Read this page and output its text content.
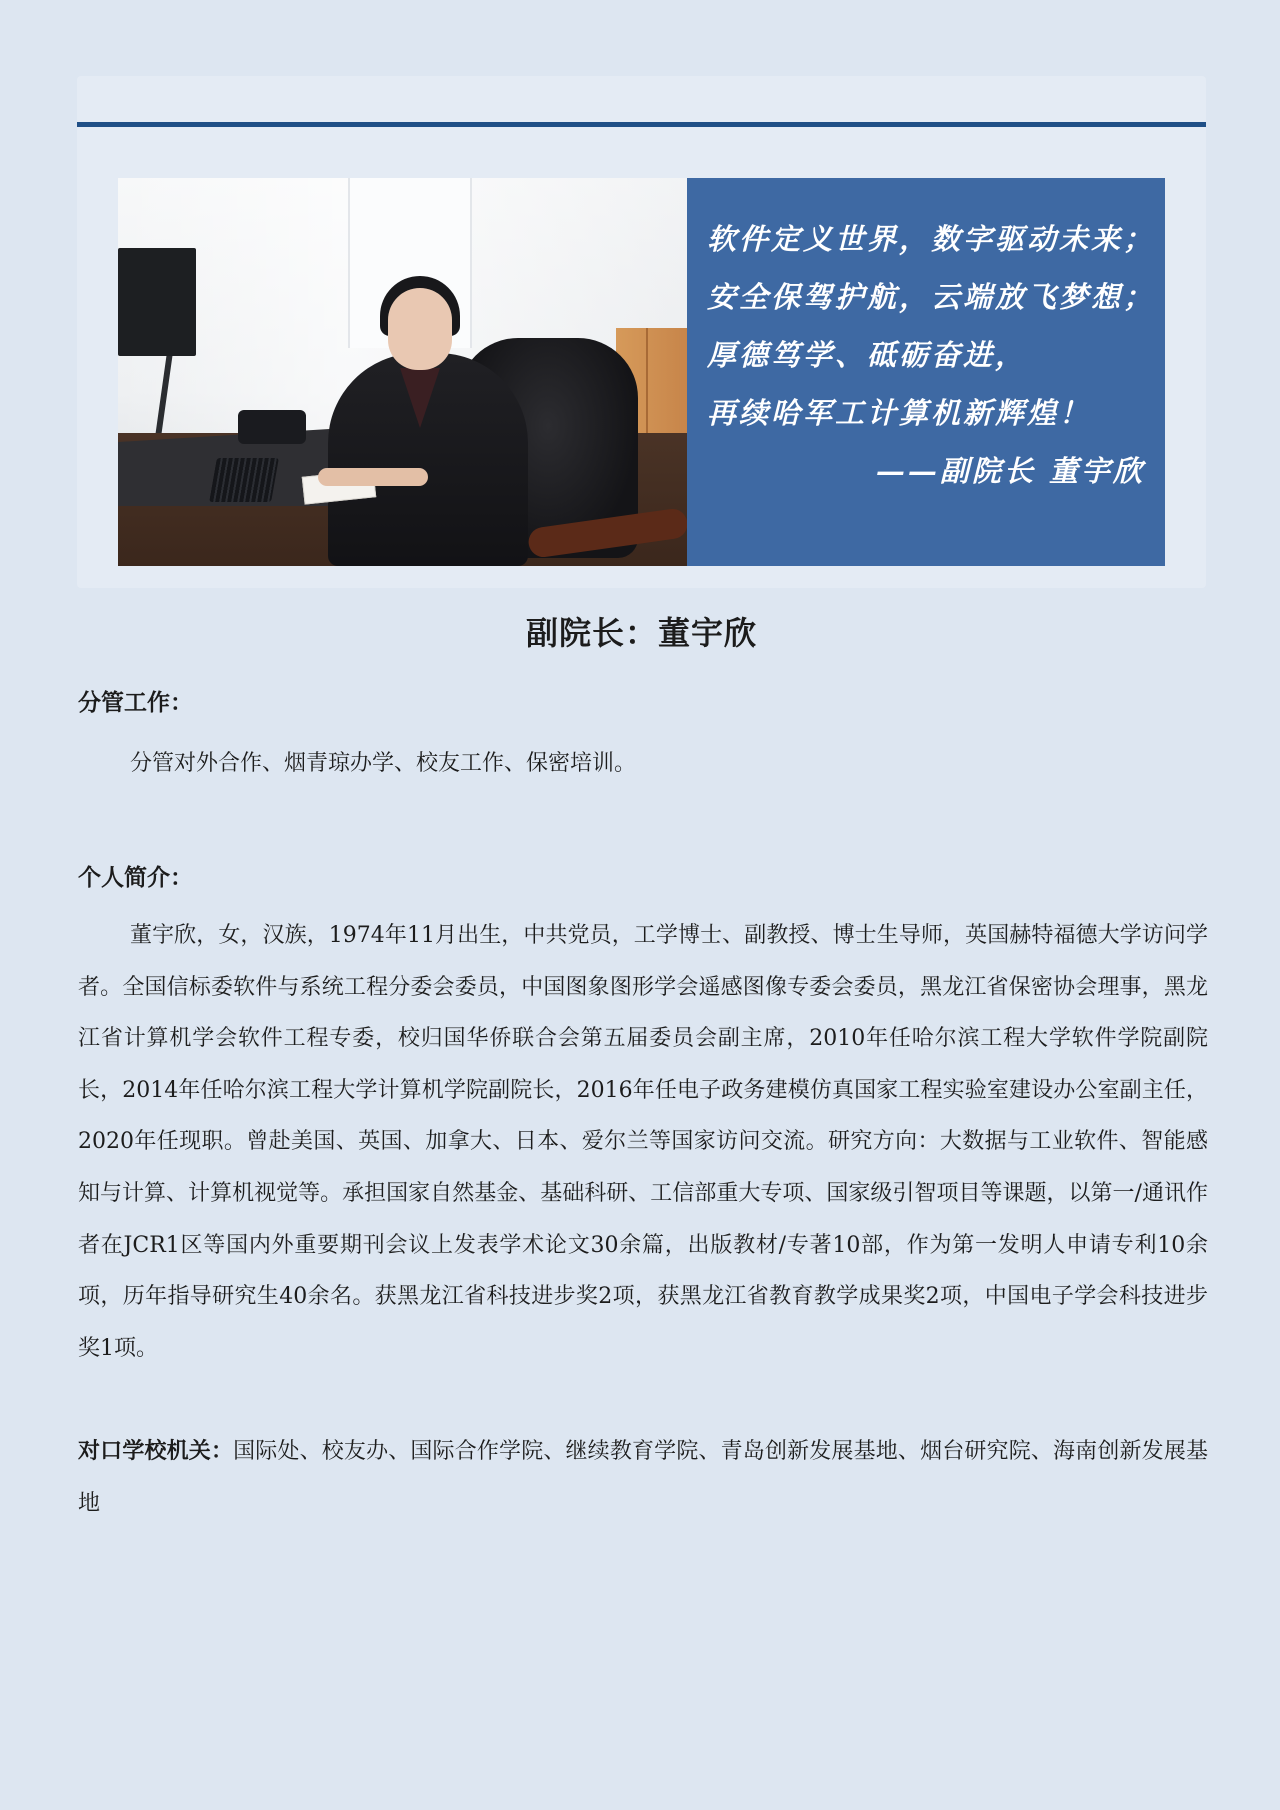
软件定义世界，数字驱动未来；
安全保驾护航，云端放飞梦想；
厚德笃学、砥砺奋进，
再续哈军工计算机新辉煌！
——副院长 董宇欣
副院长：董宇欣
分管工作：
分管对外合作、烟青琼办学、校友工作、保密培训。
个人简介：
董宇欣，女，汉族，1974年11月出生，中共党员，工学博士、副教授、博士生导师，英国赫特福德大学访问学者。全国信标委软件与系统工程分委会委员，中国图象图形学会遥感图像专委会委员，黑龙江省保密协会理事，黑龙江省计算机学会软件工程专委，校归国华侨联合会第五届委员会副主席，2010年任哈尔滨工程大学软件学院副院长，2014年任哈尔滨工程大学计算机学院副院长，2016年任电子政务建模仿真国家工程实验室建设办公室副主任，2020年任现职。曾赴美国、英国、加拿大、日本、爱尔兰等国家访问交流。研究方向：大数据与工业软件、智能感知与计算、计算机视觉等。承担国家自然基金、基础科研、工信部重大专项、国家级引智项目等课题，以第一/通讯作者在JCR1区等国内外重要期刊会议上发表学术论文30余篇，出版教材/专著10部，作为第一发明人申请专利10余项，历年指导研究生40余名。获黑龙江省科技进步奖2项，获黑龙江省教育教学成果奖2项，中国电子学会科技进步奖1项。
对口学校机关：国际处、校友办、国际合作学院、继续教育学院、青岛创新发展基地、烟台研究院、海南创新发展基地
